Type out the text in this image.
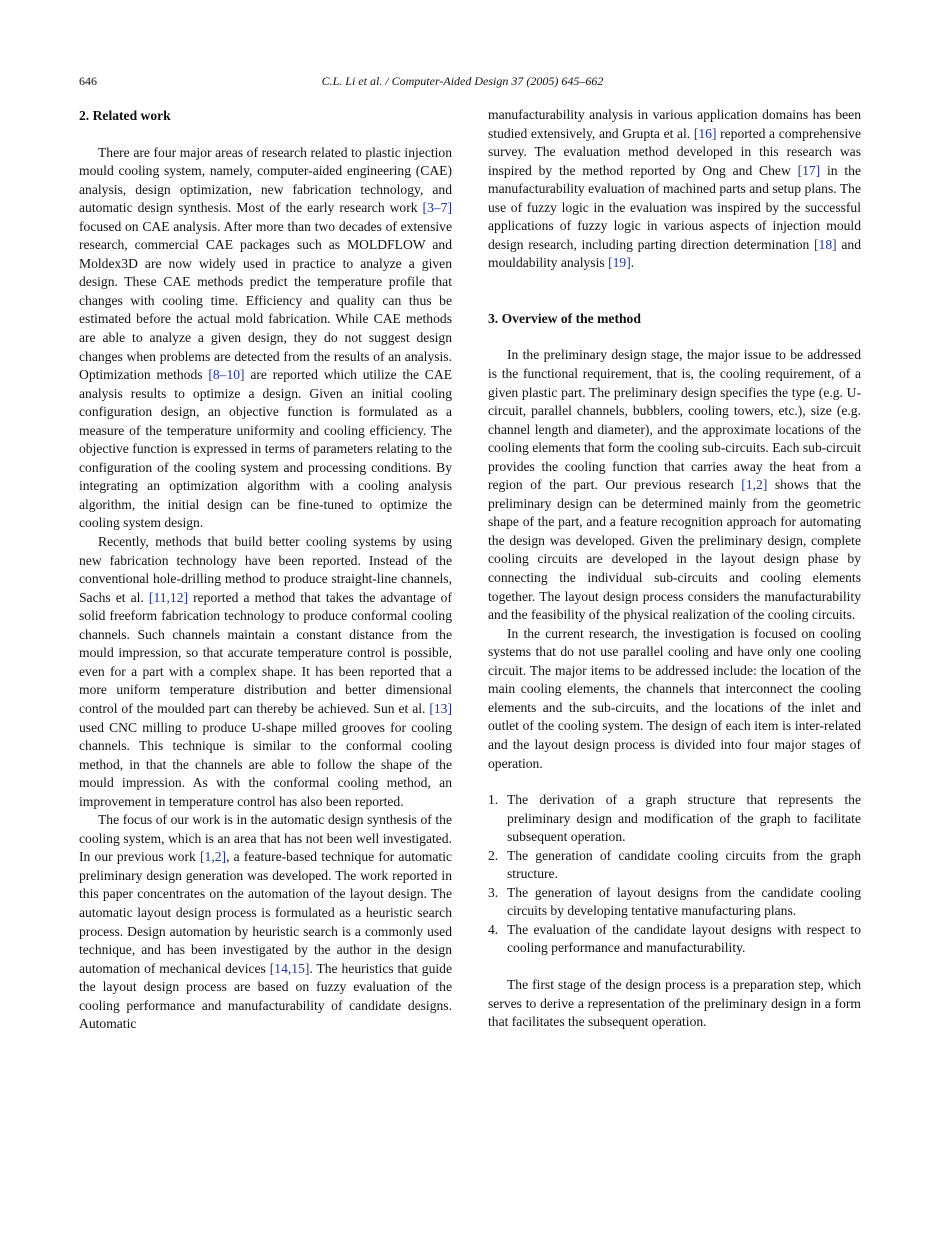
646	C.L. Li et al. / Computer-Aided Design 37 (2005) 645–662
2. Related work

There are four major areas of research related to plastic injection mould cooling system, namely, computer-aided engineering (CAE) analysis, design optimization, new fabrication technology, and automatic design synthesis. Most of the early research work [3–7] focused on CAE analysis. After more than two decades of extensive research, commercial CAE packages such as MOLDFLOW and Moldex3D are now widely used in practice to analyze a given design. These CAE methods predict the temperature profile that changes with cooling time. Efficiency and quality can thus be estimated before the actual mold fabrication. While CAE methods are able to analyze a given design, they do not suggest design changes when problems are detected from the results of an analysis. Optimization methods [8–10] are reported which utilize the CAE analysis results to optimize a design. Given an initial cooling configuration design, an objective function is formulated as a measure of the temperature uniformity and cooling efficiency. The objective function is expressed in terms of parameters relating to the configuration of the cooling system and processing conditions. By integrating an optimization algorithm with a cooling analysis algorithm, the initial design can be fine-tuned to optimize the cooling system design.

Recently, methods that build better cooling systems by using new fabrication technology have been reported. Instead of the conventional hole-drilling method to produce straight-line channels, Sachs et al. [11,12] reported a method that takes the advantage of solid freeform fabrication technology to produce conformal cooling channels. Such channels maintain a constant distance from the mould impression, so that accurate temperature control is possible, even for a part with a complex shape. It has been reported that a more uniform temperature distribution and better dimensional control of the moulded part can thereby be achieved. Sun et al. [13] used CNC milling to produce U-shape milled grooves for cooling channels. This technique is similar to the conformal cooling method, in that the channels are able to follow the shape of the mould impression. As with the conformal cooling method, an improvement in temperature control has also been reported.

The focus of our work is in the automatic design synthesis of the cooling system, which is an area that has not been well investigated. In our previous work [1,2], a feature-based technique for automatic preliminary design generation was developed. The work reported in this paper concentrates on the automation of the layout design. The automatic layout design process is formulated as a heuristic search process. Design automation by heuristic search is a commonly used technique, and has been investigated by the author in the design automation of mechanical devices [14,15]. The heuristics that guide the layout design process are based on fuzzy evaluation of the cooling performance and manufacturability of candidate designs. Automatic

manufacturability analysis in various application domains has been studied extensively, and Grupta et al. [16] reported a comprehensive survey. The evaluation method developed in this research was inspired by the method reported by Ong and Chew [17] in the manufacturability evaluation of machined parts and setup plans. The use of fuzzy logic in the evaluation was inspired by the successful applications of fuzzy logic in various aspects of injection mould design research, including parting direction determination [18] and mouldability analysis [19].

3. Overview of the method

In the preliminary design stage, the major issue to be addressed is the functional requirement, that is, the cooling requirement, of a given plastic part. The preliminary design specifies the type (e.g. U-circuit, parallel channels, bubblers, cooling towers, etc.), size (e.g. channel length and diameter), and the approximate locations of the cooling elements that form the cooling sub-circuits. Each sub-circuit provides the cooling function that carries away the heat from a region of the part. Our previous research [1,2] shows that the preliminary design can be determined mainly from the geometric shape of the part, and a feature recognition approach for automating the design was developed. Given the preliminary design, complete cooling circuits are developed in the layout design phase by connecting the individual sub-circuits and cooling elements together. The layout design process considers the manufacturability and the feasibility of the physical realization of the cooling circuits.

In the current research, the investigation is focused on cooling systems that do not use parallel cooling and have only one cooling circuit. The major items to be addressed include: the location of the main cooling elements, the channels that interconnect the cooling elements and the sub-circuits, and the locations of the inlet and outlet of the cooling system. The design of each item is inter-related and the layout design process is divided into four major stages of operation.

1. The derivation of a graph structure that represents the preliminary design and modification of the graph to facilitate subsequent operation.
2. The generation of candidate cooling circuits from the graph structure.
3. The generation of layout designs from the candidate cooling circuits by developing tentative manufacturing plans.
4. The evaluation of the candidate layout designs with respect to cooling performance and manufacturability.

The first stage of the design process is a preparation step, which serves to derive a representation of the preliminary design in a form that facilitates the subsequent operation.
